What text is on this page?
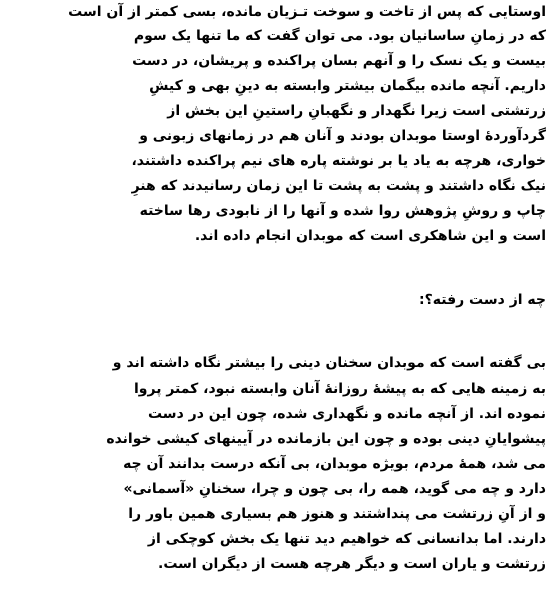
اوستایی که پس از تاخت و سوخت تـزیان مانده، بسی کمتر از آن است
که در زمانِ ساسانیان بود. می توان گفت که ما تنها یک سوم
بیست و یک نسک را و آنهم بسان پراکنده و پریشان، در دست
داریم. آنچه مانده بیگمان بیشتر وابسته به دینِ بهی و کیشِ
زرتشتی است زیرا نگهدار و نگهبانِ راستینِ این بخش از
گردآوردۀ اوستا موبدان بودند و آنان هم در زمانهای زبونی و
خواری، هرچه به یاد یا بر نوشته پاره های نیم پراکنده داشتند،
نیک نگاه داشتند و پشت به پشت تا این زمان رسانیدند که هنرِ
چاپ و روشِ پژوهش روا شده و آنها را از نابودی رها ساخته
است و این شاهکری است که موبدان انجام داده اند.
چه از دست رفته؟:
بی گفته است که موبدان سخنان دینی را بیشتر نگاه داشته اند و
به زمینه هایی که به پیشۀ روزانۀ آنان وابسته نبود، کمتر پروا
نموده اند. از آنچه مانده و نگهداری شده، چون این در دست
پیشوایانِ دینی بوده و چون این بازمانده در آیینهای کیشی خوانده
می شد، همۀ مردم، بویژه موبدان، بی آنکه درست بدانند آن چه
دارد و چه می گوید، همه را، بی چون و چرا، سخنانِ «آسمانی»
و از آنِ زرتشت می پنداشتند و هنوز هم بسیاری همین باور را
دارند. اما بدانسانی که خواهیم دید تنها یک بخش کوچکی از
زرتشت و یاران است و دیگر هرچه هست از دیگران است.
